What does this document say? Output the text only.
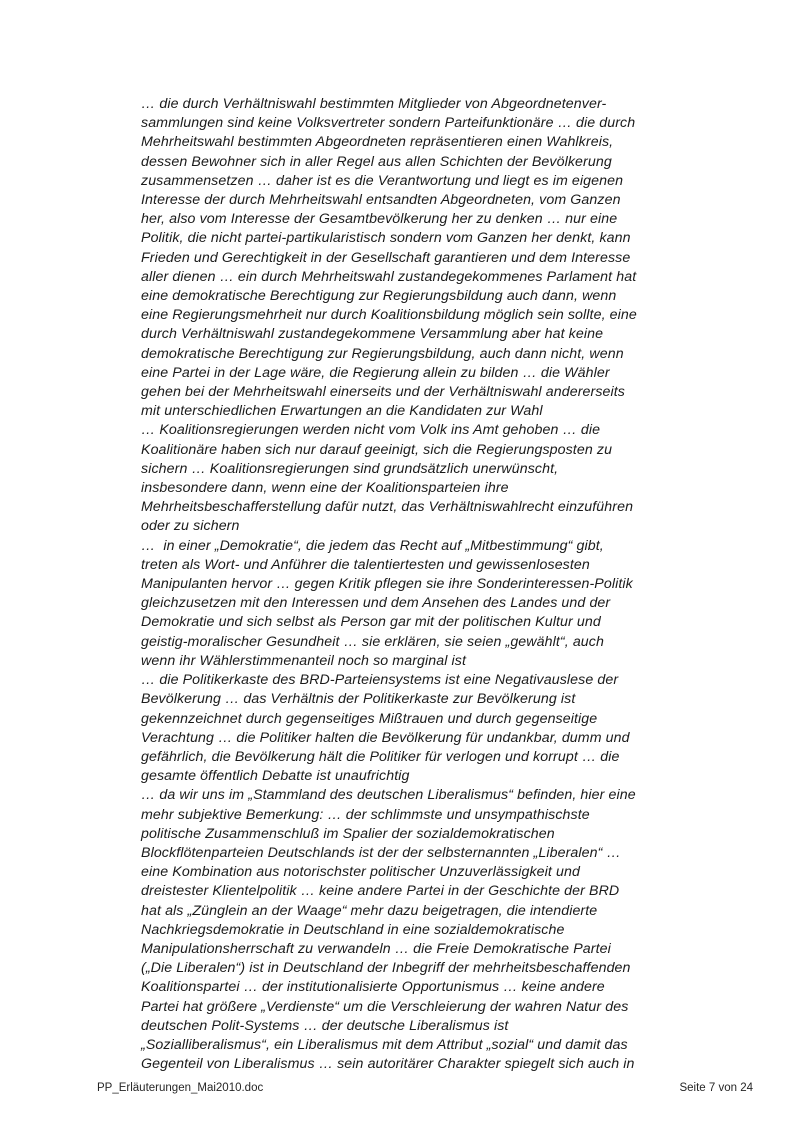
… die durch Verhältniswahl bestimmten Mitglieder von Abgeordnetenver-
sammlungen sind keine Volksvertreter sondern Parteifunktionäre … die durch
Mehrheitswahl bestimmten Abgeordneten repräsentieren einen Wahlkreis,
dessen Bewohner sich in aller Regel aus allen Schichten der Bevölkerung
zusammensetzen … daher ist es die Verantwortung und liegt es im eigenen
Interesse der durch Mehrheitswahl entsandten Abgeordneten, vom Ganzen
her, also vom Interesse der Gesamtbevölkerung her zu denken … nur eine
Politik, die nicht partei-partikularistisch sondern vom Ganzen her denkt, kann
Frieden und Gerechtigkeit in der Gesellschaft garantieren und dem Interesse
aller dienen … ein durch Mehrheitswahl zustandegekommenes Parlament hat
eine demokratische Berechtigung zur Regierungsbildung auch dann, wenn
eine Regierungsmehrheit nur durch Koalitionsbildung möglich sein sollte, eine
durch Verhältniswahl zustandegekommene Versammlung aber hat keine
demokratische Berechtigung zur Regierungsbildung, auch dann nicht, wenn
eine Partei in der Lage wäre, die Regierung allein zu bilden … die Wähler
gehen bei der Mehrheitswahl einerseits und der Verhältniswahl andererseits
mit unterschiedlichen Erwartungen an die Kandidaten zur Wahl
… Koalitionsregierungen werden nicht vom Volk ins Amt gehoben … die
Koalitionäre haben sich nur darauf geeinigt, sich die Regierungsposten zu
sichern … Koalitionsregierungen sind grundsätzlich unerwünscht,
insbesondere dann, wenn eine der Koalitionsparteien ihre
Mehrheitsbeschafferstellung dafür nutzt, das Verhältniswahlrecht einzuführen
oder zu sichern
…  in einer „Demokratie“, die jedem das Recht auf „Mitbestimmung“ gibt,
treten als Wort- und Anführer die talentiertesten und gewissenlosesten
Manipulanten hervor … gegen Kritik pflegen sie ihre Sonderinteressen-Politik
gleichzusetzen mit den Interessen und dem Ansehen des Landes und der
Demokratie und sich selbst als Person gar mit der politischen Kultur und
geistig-moralischer Gesundheit … sie erklären, sie seien „gewählt“, auch
wenn ihr Wählerstimmenanteil noch so marginal ist
… die Politikerkaste des BRD-Parteiensystems ist eine Negativauslese der
Bevölkerung … das Verhältnis der Politikerkaste zur Bevölkerung ist
gekennzeichnet durch gegenseitiges Mißtrauen und durch gegenseitige
Verachtung … die Politiker halten die Bevölkerung für undankbar, dumm und
gefährlich, die Bevölkerung hält die Politiker für verlogen und korrupt … die
gesamte öffentlich Debatte ist unaufrichtig
… da wir uns im „Stammland des deutschen Liberalismus“ befinden, hier eine
mehr subjektive Bemerkung: … der schlimmste und unsympathischste
politische Zusammenschluß im Spalier der sozialdemokratischen
Blockflötenparteien Deutschlands ist der der selbsternannten „Liberalen“ …
eine Kombination aus notorischster politischer Unzuverlässigkeit und
dreistester Klientelpolitik … keine andere Partei in der Geschichte der BRD
hat als „Zünglein an der Waage“ mehr dazu beigetragen, die intendierte
Nachkriegsdemokratie in Deutschland in eine sozialdemokratische
Manipulationsherrschaft zu verwandeln … die Freie Demokratische Partei
(„Die Liberalen“) ist in Deutschland der Inbegriff der mehrheitsbeschaffenden
Koalitionspartei … der institutionalisierte Opportunismus … keine andere
Partei hat größere „Verdienste“ um die Verschleierung der wahren Natur des
deutschen Polit-Systems … der deutsche Liberalismus ist
„Sozialliberalismus“, ein Liberalismus mit dem Attribut „sozial“ und damit das
Gegenteil von Liberalismus … sein autoritärer Charakter spiegelt sich auch in
PP_Erläuterungen_Mai2010.doc	Seite 7 von 24
